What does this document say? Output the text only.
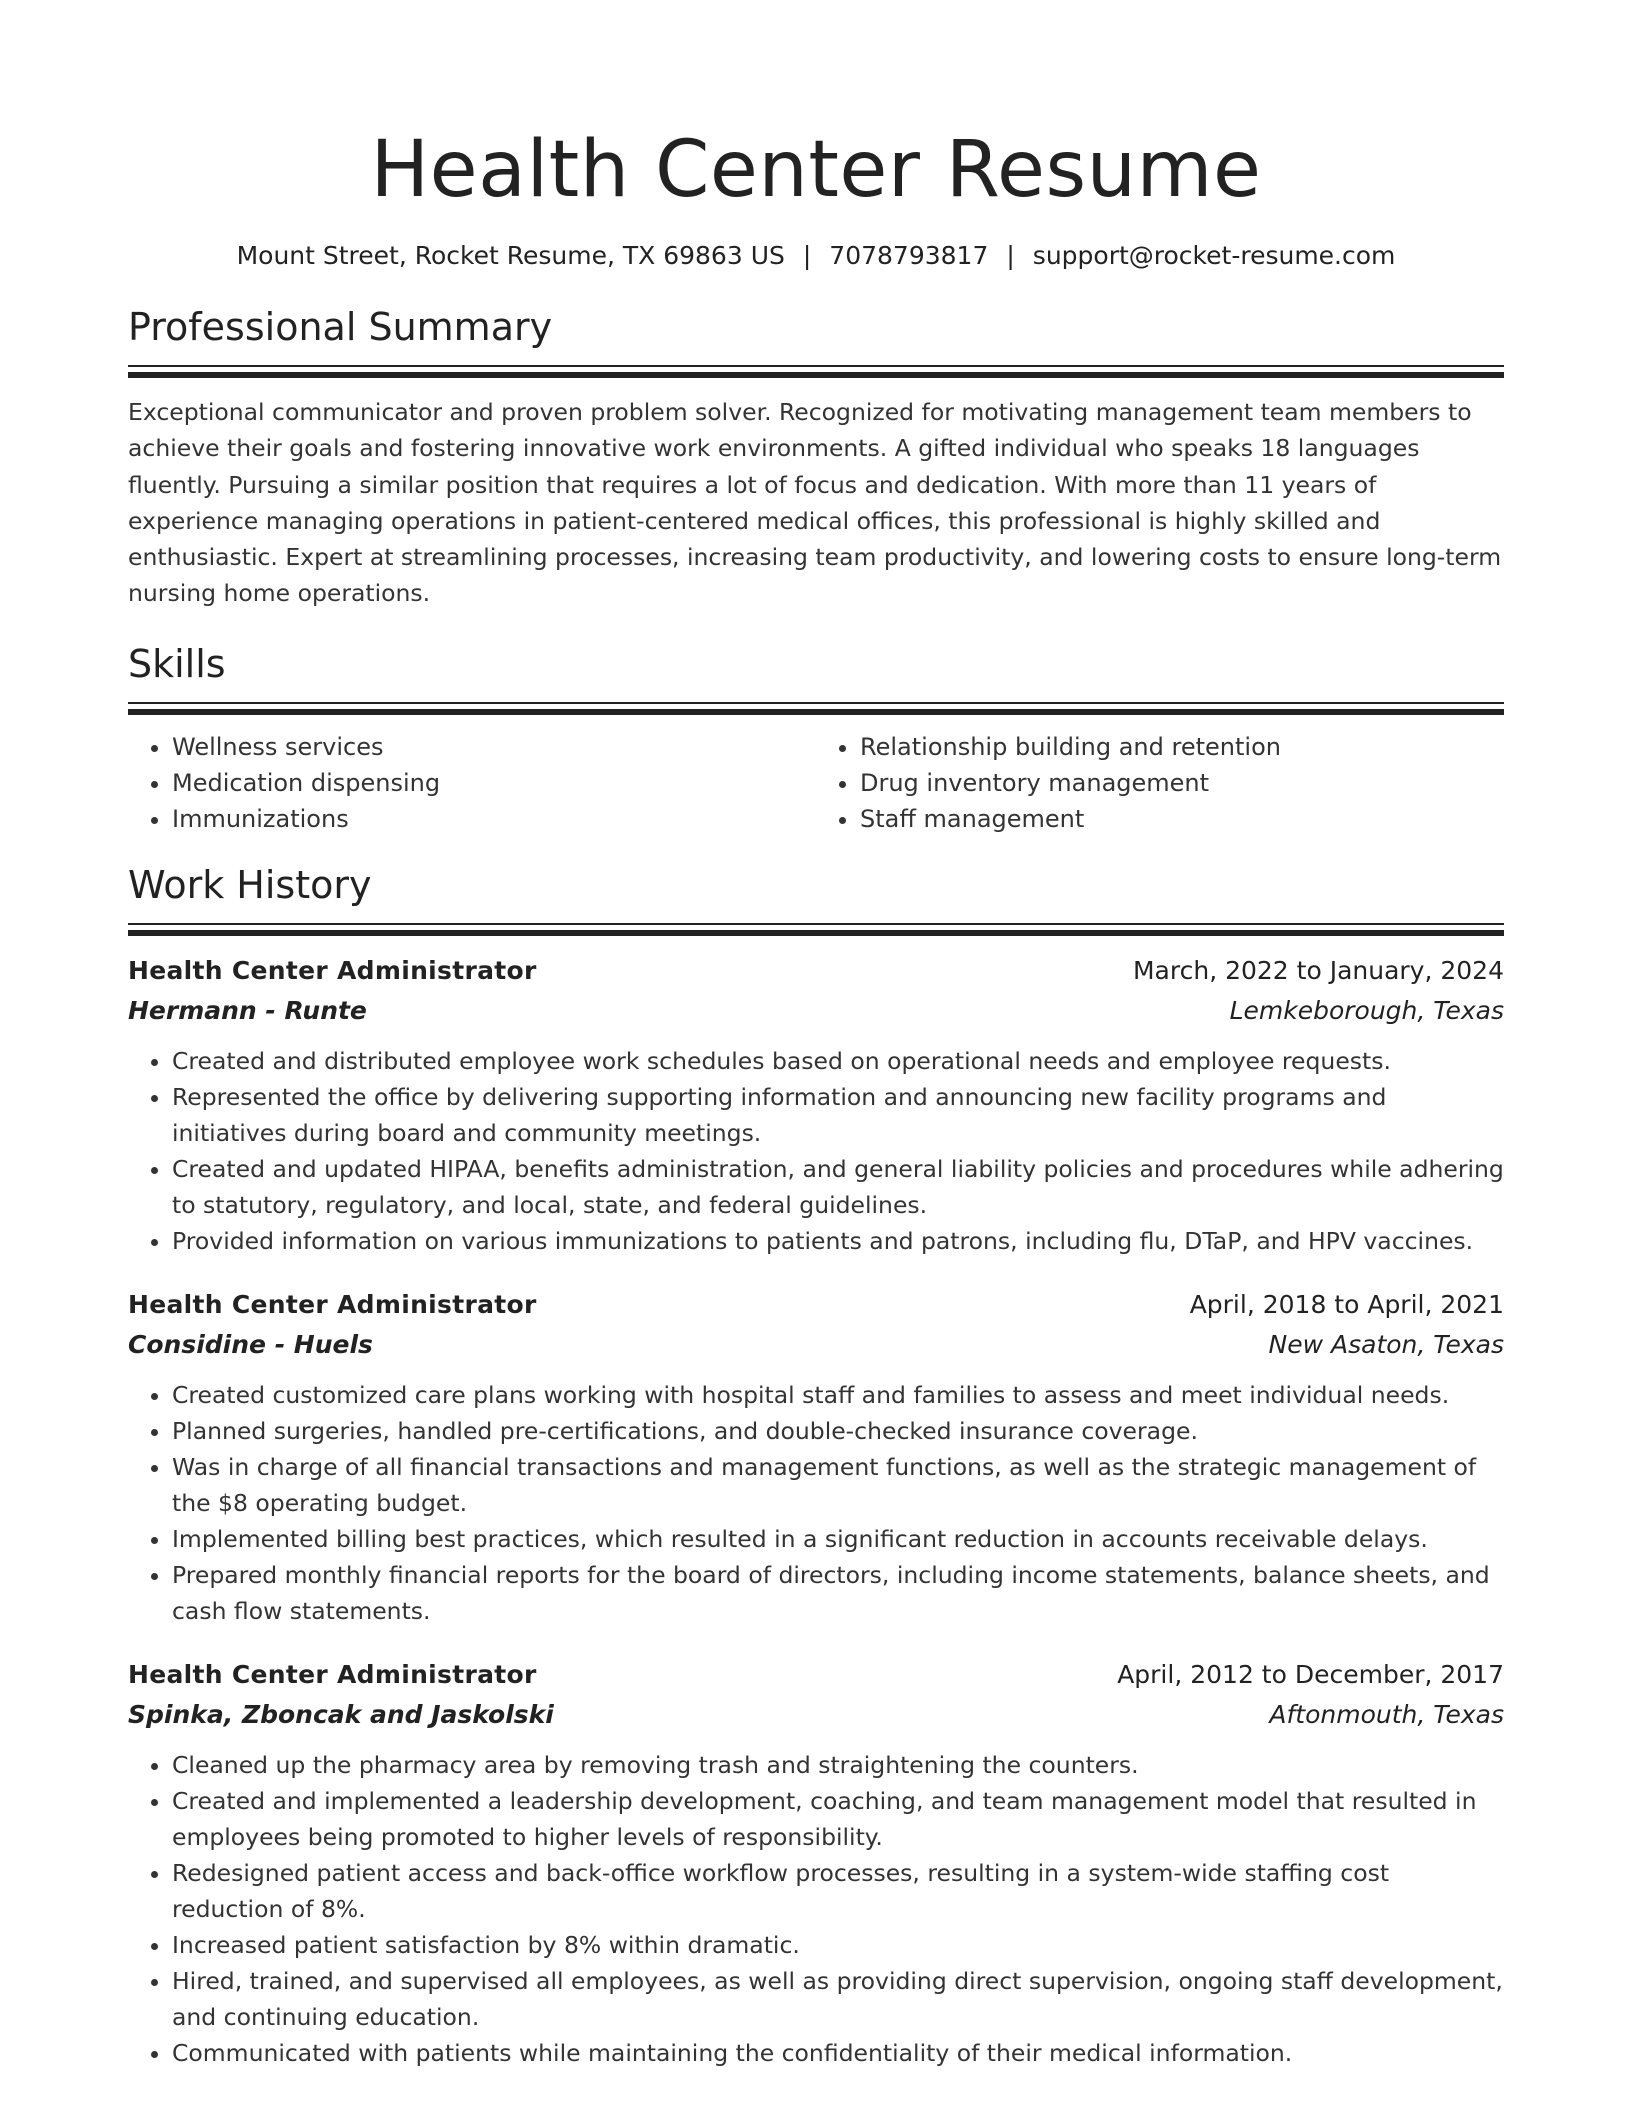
Health Center Resume
Mount Street, Rocket Resume, TX 69863 US | 7078793817 | support@rocket-resume.com
Professional Summary
Exceptional communicator and proven problem solver. Recognized for motivating management team members to achieve their goals and fostering innovative work environments. A gifted individual who speaks 18 languages fluently. Pursuing a similar position that requires a lot of focus and dedication. With more than 11 years of experience managing operations in patient-centered medical offices, this professional is highly skilled and enthusiastic. Expert at streamlining processes, increasing team productivity, and lowering costs to ensure long-term nursing home operations.
Skills
• Wellness services
• Medication dispensing
• Immunizations
• Relationship building and retention
• Drug inventory management
• Staff management
Work History
Health Center Administrator	March, 2022 to January, 2024
Hermann - Runte	Lemkeborough, Texas
• Created and distributed employee work schedules based on operational needs and employee requests.
• Represented the office by delivering supporting information and announcing new facility programs and initiatives during board and community meetings.
• Created and updated HIPAA, benefits administration, and general liability policies and procedures while adhering to statutory, regulatory, and local, state, and federal guidelines.
• Provided information on various immunizations to patients and patrons, including flu, DTaP, and HPV vaccines.
Health Center Administrator	April, 2018 to April, 2021
Considine - Huels	New Asaton, Texas
• Created customized care plans working with hospital staff and families to assess and meet individual needs.
• Planned surgeries, handled pre-certifications, and double-checked insurance coverage.
• Was in charge of all financial transactions and management functions, as well as the strategic management of the $8 operating budget.
• Implemented billing best practices, which resulted in a significant reduction in accounts receivable delays.
• Prepared monthly financial reports for the board of directors, including income statements, balance sheets, and cash flow statements.
Health Center Administrator	April, 2012 to December, 2017
Spinka, Zboncak and Jaskolski	Aftonmouth, Texas
• Cleaned up the pharmacy area by removing trash and straightening the counters.
• Created and implemented a leadership development, coaching, and team management model that resulted in employees being promoted to higher levels of responsibility.
• Redesigned patient access and back-office workflow processes, resulting in a system-wide staffing cost reduction of 8%.
• Increased patient satisfaction by 8% within dramatic.
• Hired, trained, and supervised all employees, as well as providing direct supervision, ongoing staff development, and continuing education.
• Communicated with patients while maintaining the confidentiality of their medical information.
